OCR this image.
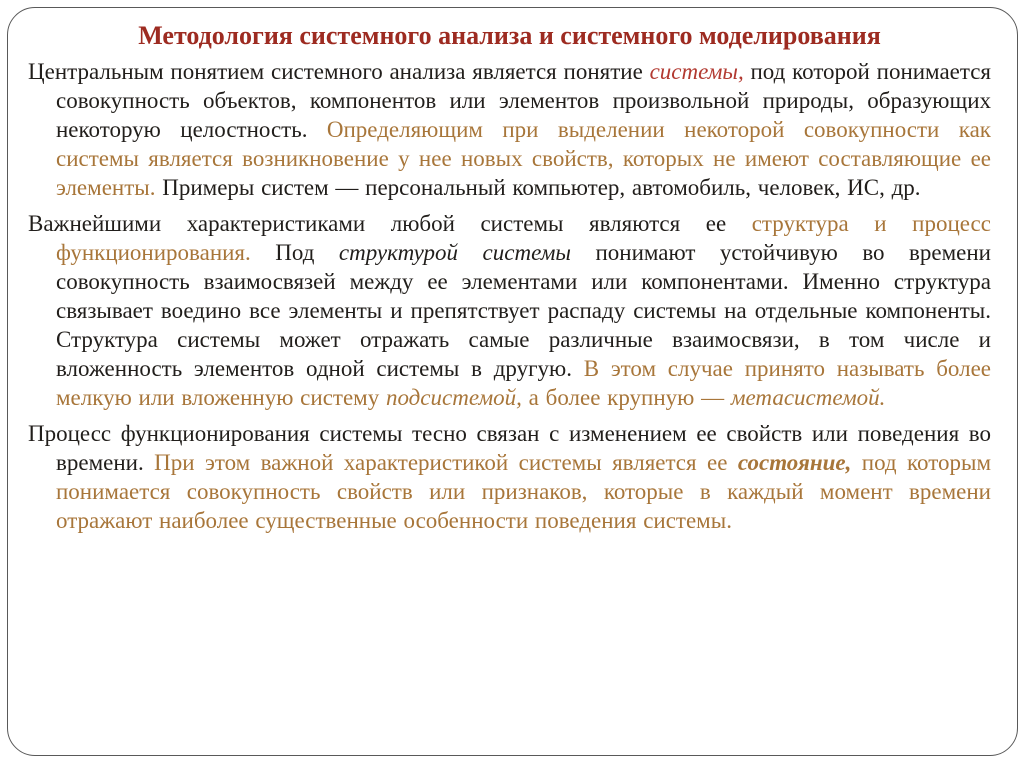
Методология системного анализа и системного моделирования

Центральным понятием системного анализа является понятие системы, под которой понимается совокупность объектов, компонентов или элементов произвольной природы, образующих некоторую целостность. Определяющим при выделении некоторой совокупности как системы является возникновение у нее новых свойств, которых не имеют составляющие ее элементы. Примеры систем — персональный компьютер, автомобиль, человек, ИС, др.

Важнейшими характеристиками любой системы являются ее структура и процесс функционирования. Под структурой системы понимают устойчивую во времени совокупность взаимосвязей между ее элементами или компонентами. Именно структура связывает воедино все элементы и препятствует распаду системы на отдельные компоненты. Структура системы может отражать самые различные взаимосвязи, в том числе и вложенность элементов одной системы в другую. В этом случае принято называть более мелкую или вложенную систему подсистемой, а более крупную — метасистемой.

Процесс функционирования системы тесно связан с изменением ее свойств или поведения во времени. При этом важной характеристикой системы является ее состояние, под которым понимается совокупность свойств или признаков, которые в каждый момент времени отражают наиболее существенные особенности поведения системы.
